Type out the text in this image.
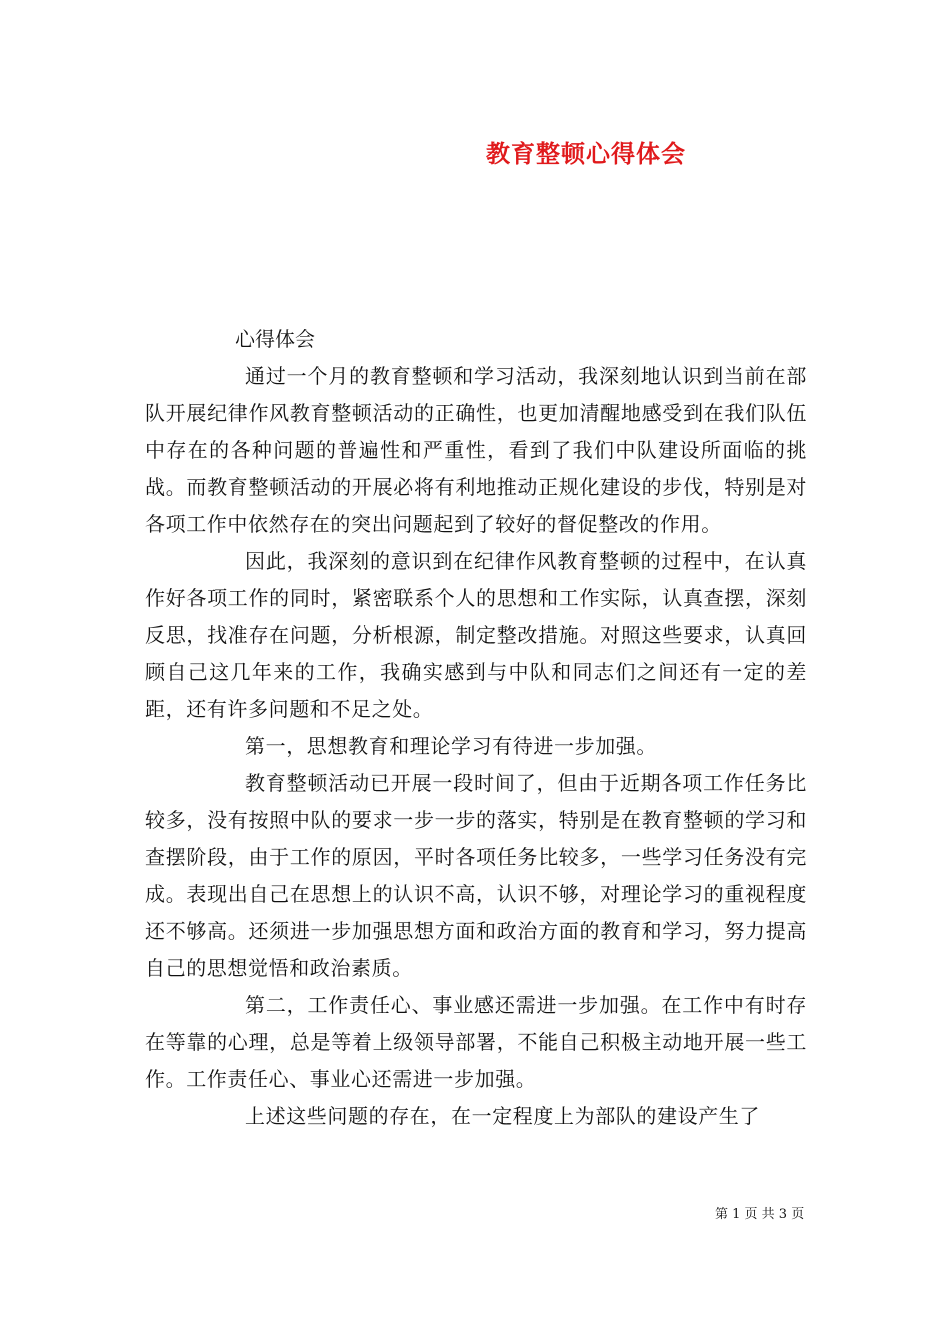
教育整顿心得体会
心得体会

通过一个月的教育整顿和学习活动，我深刻地认识到当前在部队开展纪律作风教育整顿活动的正确性，也更加清醒地感受到在我们队伍中存在的各种问题的普遍性和严重性，看到了我们中队建设所面临的挑战。而教育整顿活动的开展必将有利地推动正规化建设的步伐，特别是对各项工作中依然存在的突出问题起到了较好的督促整改的作用。

因此，我深刻的意识到在纪律作风教育整顿的过程中，在认真作好各项工作的同时，紧密联系个人的思想和工作实际，认真查摆，深刻反思，找准存在问题，分析根源，制定整改措施。对照这些要求，认真回顾自己这几年来的工作，我确实感到与中队和同志们之间还有一定的差距，还有许多问题和不足之处。

第一，思想教育和理论学习有待进一步加强。

教育整顿活动已开展一段时间了，但由于近期各项工作任务比较多，没有按照中队的要求一步一步的落实，特别是在教育整顿的学习和查摆阶段，由于工作的原因，平时各项任务比较多，一些学习任务没有完成。表现出自己在思想上的认识不高，认识不够，对理论学习的重视程度还不够高。还须进一步加强思想方面和政治方面的教育和学习，努力提高自己的思想觉悟和政治素质。

第二，工作责任心、事业感还需进一步加强。在工作中有时存在等靠的心理，总是等着上级领导部署，不能自己积极主动地开展一些工作。工作责任心、事业心还需进一步加强。

上述这些问题的存在，在一定程度上为部队的建设产生了

第 1 页 共 3 页
